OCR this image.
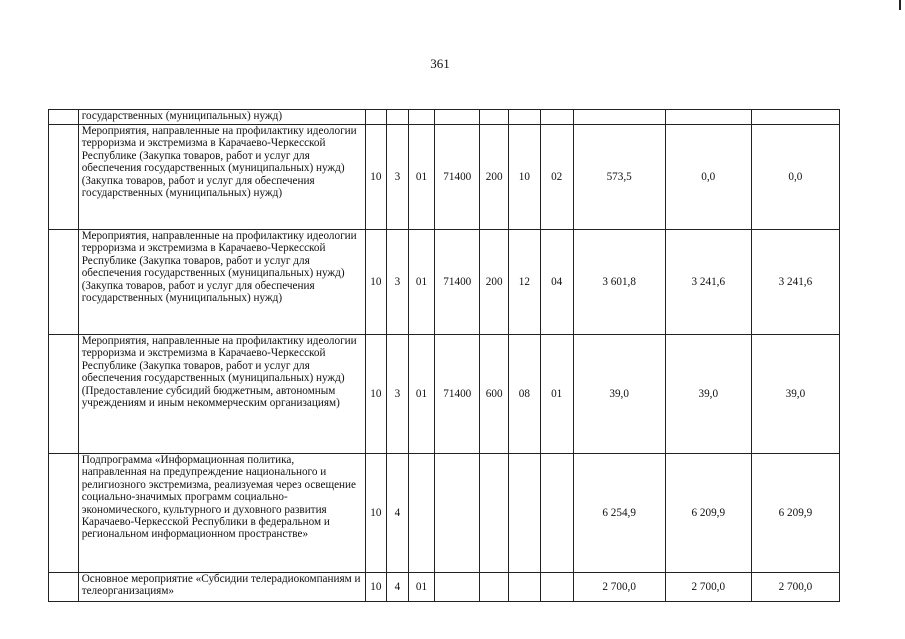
361
	государственных (муниципальных) нужд)										
	Мероприятия, направленные на профилактику идеологии терроризма и экстремизма в Карачаево-Черкесской Республике (Закупка товаров, работ и услуг для обеспечения государственных (муниципальных) нужд) (Закупка товаров, работ и услуг для обеспечения государственных (муниципальных) нужд)	10	3	01	71400	200	10	02	573,5	0,0	0,0
	Мероприятия, направленные на профилактику идеологии терроризма и экстремизма в Карачаево-Черкесской Республике (Закупка товаров, работ и услуг для обеспечения государственных (муниципальных) нужд) (Закупка товаров, работ и услуг для обеспечения государственных (муниципальных) нужд)	10	3	01	71400	200	12	04	3 601,8	3 241,6	3 241,6
	Мероприятия, направленные на профилактику идеологии терроризма и экстремизма в Карачаево-Черкесской Республике (Закупка товаров, работ и услуг для обеспечения государственных (муниципальных) нужд) (Предоставление субсидий бюджетным, автономным учреждениям и иным некоммерческим организациям)	10	3	01	71400	600	08	01	39,0	39,0	39,0
	Подпрограмма «Информационная политика, направленная на предупреждение национального и религиозного экстремизма, реализуемая через освещение социально-значимых программ социально-экономического, культурного и духовного развития Карачаево-Черкесской Республики в федеральном и региональном информационном пространстве»	10	4						6 254,9	6 209,9	6 209,9
	Основное мероприятие «Субсидии телерадиокомпаниям и телеорганизациям»	10	4	01					2 700,0	2 700,0	2 700,0
